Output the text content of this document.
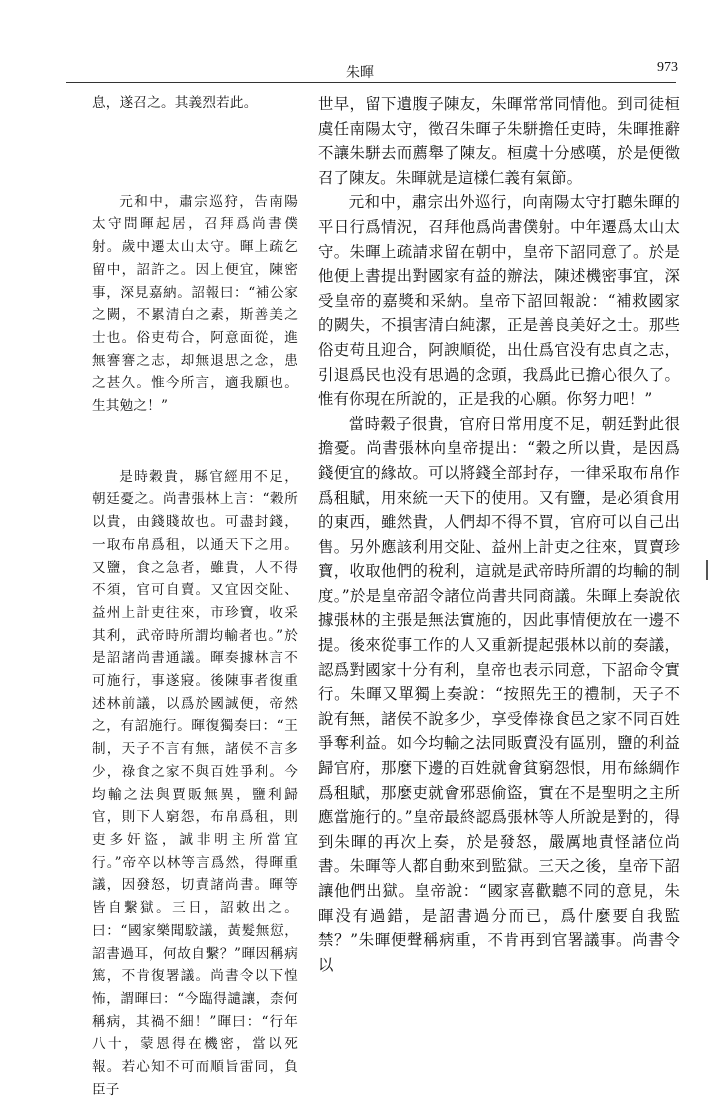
朱暉	973

息，遂召之。其義烈若此。

元和中，肅宗巡狩，告南陽太守問暉起居，召拜爲尚書僕射。歲中遷太山太守。暉上疏乞留中，詔許之。因上便宜，陳密事，深見嘉納。詔報曰：“補公家之闕，不累清白之素，斯善美之士也。俗吏苟合，阿意面從，進無謇謇之志，却無退思之念，患之甚久。惟今所言，適我願也。生其勉之！”

是時穀貴，縣官經用不足，朝廷憂之。尚書張林上言：“穀所以貴，由錢賤故也。可盡封錢，一取布帛爲租，以通天下之用。又鹽，食之急者，雖貴，人不得不須，官可自賣。又宜因交阯、益州上計吏往來，市珍寶，收采其利，武帝時所謂均輸者也。”於是詔諸尚書通議。暉奏據林言不可施行，事遂寢。後陳事者復重述林前議，以爲於國誠便，帝然之，有詔施行。暉復獨奏曰：“王制，天子不言有無，諸侯不言多少，祿食之家不與百姓爭利。今均輸之法與賈販無異，鹽利歸官，則下人窮怨，布帛爲租，則吏多奸盜，誠非明主所當宜行。”帝卒以林等言爲然，得暉重議，因發怒，切責諸尚書。暉等皆自繫獄。三日，詔敕出之。曰：“國家樂聞駮議，黃髮無愆，詔書過耳，何故自繫？”暉因稱病篤，不肯復署議。尚書令以下惶怖，謂暉曰：“今臨得譴讓，柰何稱病，其禍不細！”暉曰：“行年八十，蒙恩得在機密，當以死報。若心知不可而順旨雷同，負臣子

世早，留下遺腹子陳友，朱暉常常同情他。到司徒桓虞任南陽太守，徵召朱暉子朱駢擔任吏時，朱暉推辭不讓朱駢去而薦舉了陳友。桓虞十分感嘆，於是便徵召了陳友。朱暉就是這樣仁義有氣節。

元和中，肅宗出外巡行，向南陽太守打聽朱暉的平日行爲情況，召拜他爲尚書僕射。中年遷爲太山太守。朱暉上疏請求留在朝中，皇帝下詔同意了。於是他便上書提出對國家有益的辦法，陳述機密事宜，深受皇帝的嘉獎和采納。皇帝下詔回報說：“補救國家的闕失，不損害清白純潔，正是善良美好之士。那些俗吏苟且迎合，阿諛順從，出仕爲官没有忠貞之志，引退爲民也没有思過的念頭，我爲此已擔心很久了。惟有你現在所說的，正是我的心願。你努力吧！”

當時穀子很貴，官府日常用度不足，朝廷對此很擔憂。尚書張林向皇帝提出：“穀之所以貴，是因爲錢便宜的緣故。可以將錢全部封存，一律采取布帛作爲租賦，用來統一天下的使用。又有鹽，是必須食用的東西，雖然貴，人們却不得不買，官府可以自己出售。另外應該利用交阯、益州上計吏之往來，買賣珍寶，收取他們的稅利，這就是武帝時所謂的均輸的制度。”於是皇帝詔令諸位尚書共同商議。朱暉上奏說依據張林的主張是無法實施的，因此事情便放在一邊不提。後來從事工作的人又重新提起張林以前的奏議，認爲對國家十分有利，皇帝也表示同意，下詔命令實行。朱暉又單獨上奏說：“按照先王的禮制，天子不說有無，諸侯不說多少，享受俸祿食邑之家不同百姓爭奪利益。如今均輸之法同販賣没有區別，鹽的利益歸官府，那麼下邊的百姓就會貧窮怨恨，用布絲綢作爲租賦，那麼吏就會邪惡偷盜，實在不是聖明之主所應當施行的。”皇帝最終認爲張林等人所說是對的，得到朱暉的再次上奏，於是發怒，嚴厲地責怪諸位尚書。朱暉等人都自動來到監獄。三天之後，皇帝下詔讓他們出獄。皇帝說：“國家喜歡聽不同的意見，朱暉没有過錯，是詔書過分而已，爲什麼要自我監禁？”朱暉便聲稱病重，不肯再到官署議事。尚書令以
